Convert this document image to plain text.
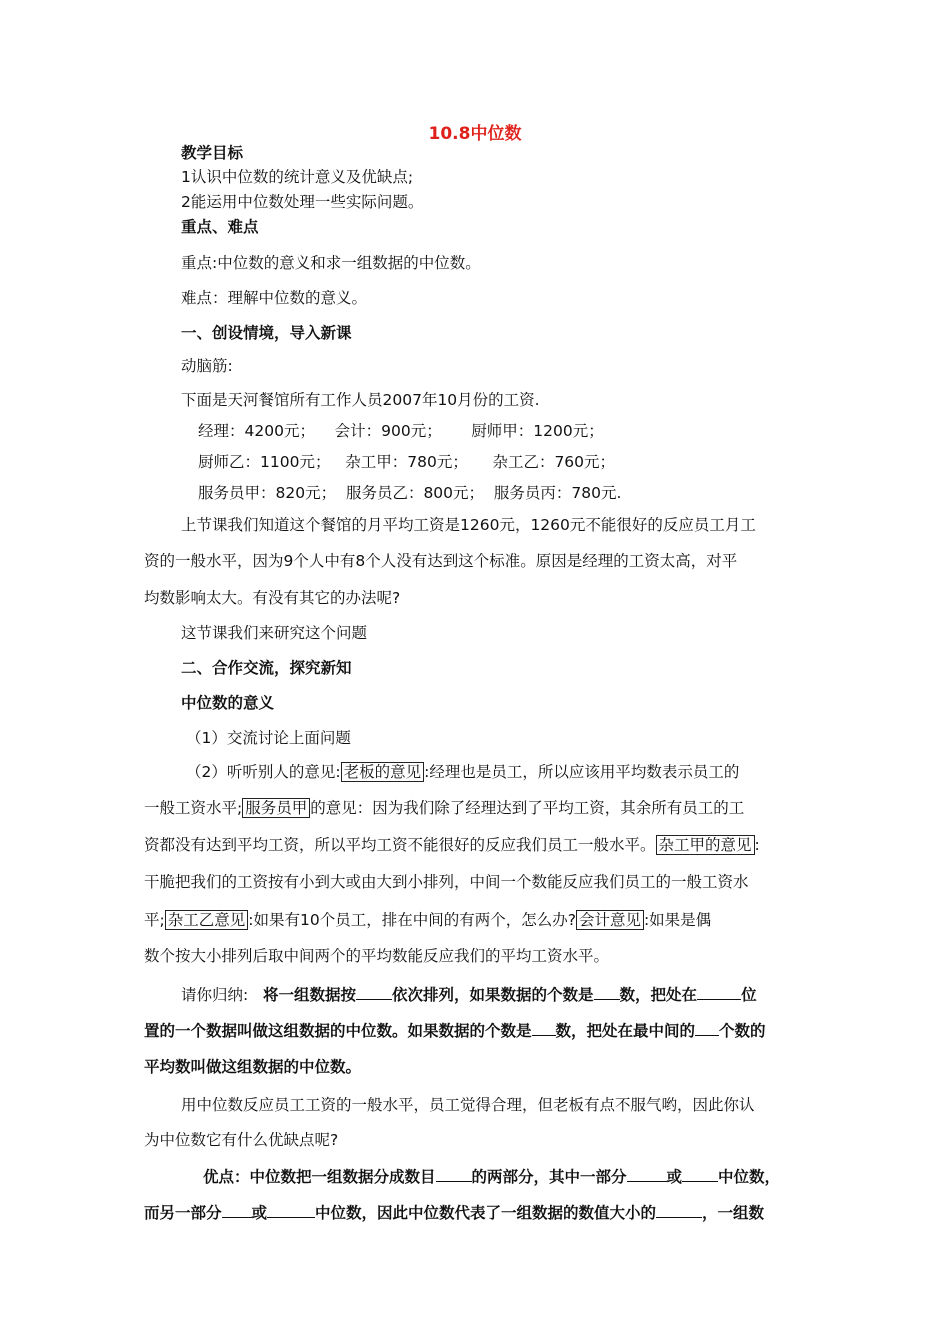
10.8中位数
教学目标
1认识中位数的统计意义及优缺点;
2能运用中位数处理一些实际问题。
重点、难点
重点:中位数的意义和求一组数据的中位数。
难点：理解中位数的意义。
一、创设情境，导入新课
动脑筋:
下面是天河餐馆所有工作人员2007年10月份的工资.
经理：4200元；    会计：900元；      厨师甲：1200元；
厨师乙：1100元；   杂工甲：780元；     杂工乙：760元；
服务员甲：820元；  服务员乙：800元；  服务员丙：780元.
上节课我们知道这个餐馆的月平均工资是1260元，1260元不能很好的反应员工月工
资的一般水平，因为9个人中有8个人没有达到这个标准。原因是经理的工资太高，对平
均数影响太大。有没有其它的办法呢?
这节课我们来研究这个问题
二、合作交流，探究新知
中位数的意义
（1）交流讨论上面问题
（2）听听别人的意见: 老板的意见 :经理也是员工，所以应该用平均数表示员工的
一般工资水平; 服务员甲 的意见：因为我们除了经理达到了平均工资，其余所有员工的工
资都没有达到平均工资，所以平均工资不能很好的反应我们员工一般水平。 杂工甲的意见 :
干脆把我们的工资按有小到大或由大到小排列，中间一个数能反应我们员工的一般工资水
平; 杂工乙意见 :如果有10个员工，排在中间的有两个，怎么办? 会计意见 :如果是偶
数个按大小排列后取中间两个的平均数能反应我们的平均工资水平。
请你归纳: 将一组数据按 依次排列，如果数据的个数是 数，把处在	位
置的一个数据叫做这组数据的中位数。如果数据的个数是 数，把处在最中间的 个数的
平均数叫做这组数据的中位数。
用中位数反应员工工资的一般水平，员工觉得合理，但老板有点不服气哟，因此你认
为中位数它有什么优缺点呢?
优点：中位数把一组数据分成数目 的两部分，其中一部分	或 中位数，
而另一部分 或	中位数，因此中位数代表了一组数据的数值大小的	，一组数
